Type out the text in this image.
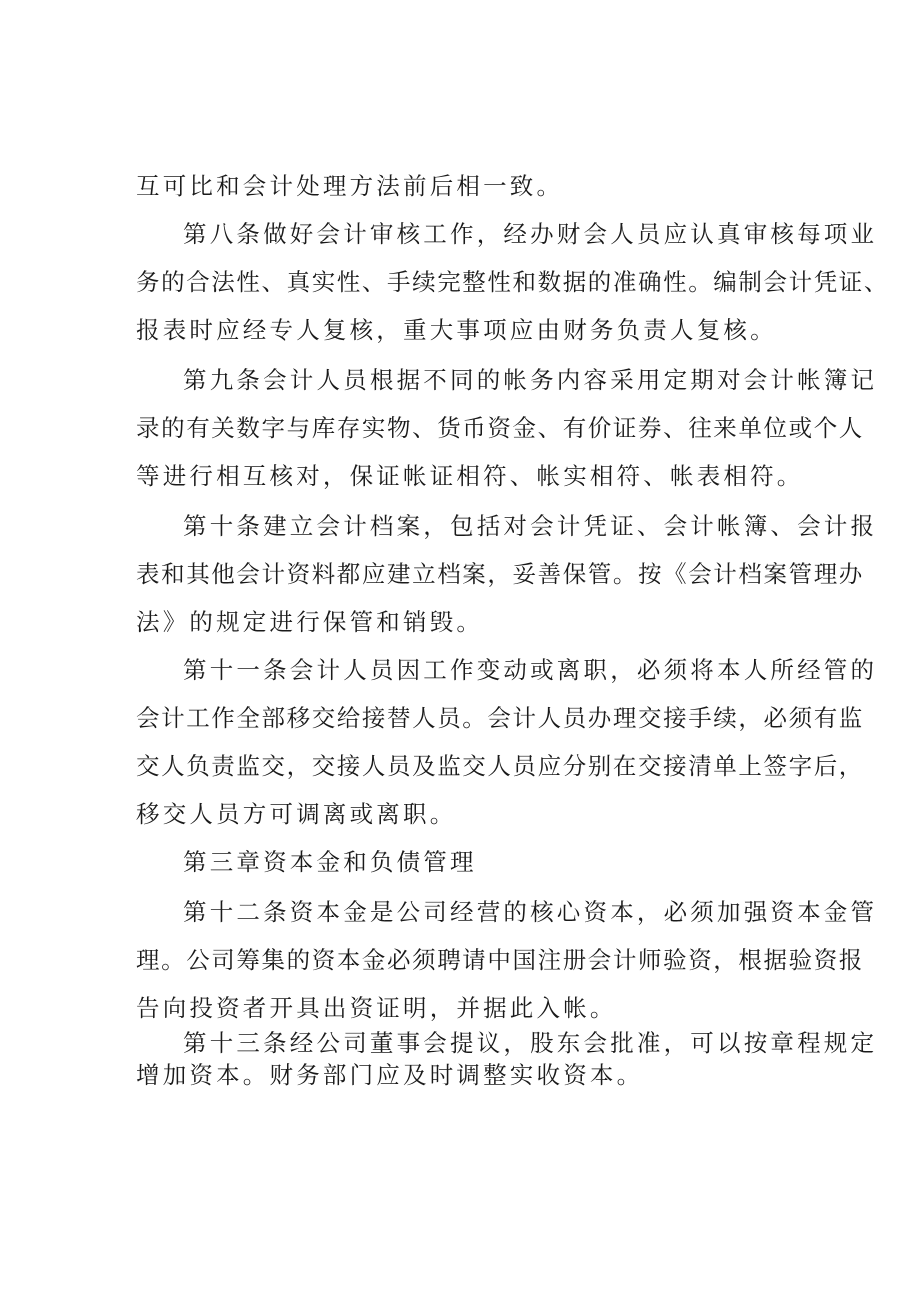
互可比和会计处理方法前后相一致。
第八条做好会计审核工作，经办财会人员应认真审核每项业
务的合法性、真实性、手续完整性和数据的准确性。编制会计凭证、
报表时应经专人复核，重大事项应由财务负责人复核。
第九条会计人员根据不同的帐务内容采用定期对会计帐簿记
录的有关数字与库存实物、货币资金、有价证券、往来单位或个人
等进行相互核对，保证帐证相符、帐实相符、帐表相符。
第十条建立会计档案，包括对会计凭证、会计帐簿、会计报
表和其他会计资料都应建立档案，妥善保管。按《会计档案管理办
法》的规定进行保管和销毁。
第十一条会计人员因工作变动或离职，必须将本人所经管的
会计工作全部移交给接替人员。会计人员办理交接手续，必须有监
交人负责监交，交接人员及监交人员应分别在交接清单上签字后，
移交人员方可调离或离职。
第三章资本金和负债管理
第十二条资本金是公司经营的核心资本，必须加强资本金管
理。公司筹集的资本金必须聘请中国注册会计师验资，根据验资报
告向投资者开具出资证明，并据此入帐。
第十三条经公司董事会提议，股东会批准，可以按章程规定
增加资本。财务部门应及时调整实收资本。
